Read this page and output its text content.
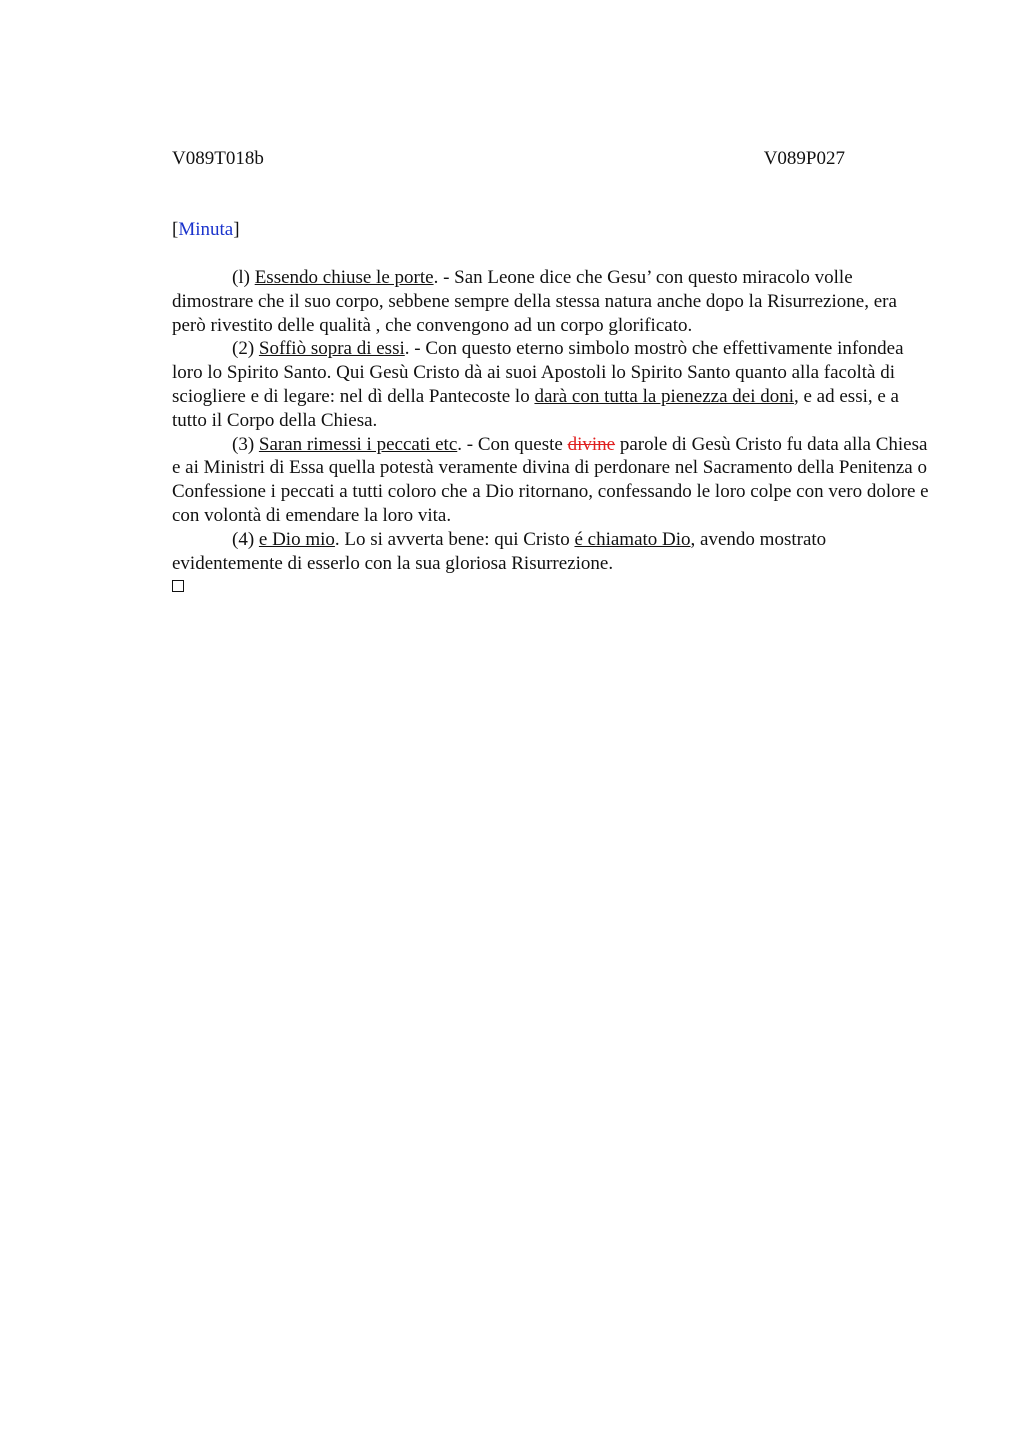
V089T018b	V089P027
[Minuta]

(l) Essendo chiuse le porte. - San Leone dice che Gesu’ con questo miracolo volle dimostrare che il suo corpo, sebbene sempre della stessa natura anche dopo la Risurrezione, era però rivestito delle qualità , che convengono ad un corpo glorificato.

(2) Soffiò sopra di essi. - Con questo eterno simbolo mostrò che effettivamente infondea loro lo Spirito Santo. Qui Gesù Cristo dà ai suoi Apostoli lo Spirito Santo quanto alla facoltà di sciogliere e di legare: nel dì della Pantecoste lo darà con tutta la pienezza dei doni, e ad essi, e a tutto il Corpo della Chiesa.

(3) Saran rimessi i peccati etc. - Con queste divine parole di Gesù Cristo fu data alla Chiesa e ai Ministri di Essa quella potestà veramente divina di perdonare nel Sacramento della Penitenza o Confessione i peccati a tutti coloro che a Dio ritornano, confessando le loro colpe con vero dolore e con volontà di emendare la loro vita.

(4) e Dio mio. Lo si avverta bene: qui Cristo é chiamato Dio, avendo mostrato evidentemente di esserlo con la sua gloriosa Risurrezione.
